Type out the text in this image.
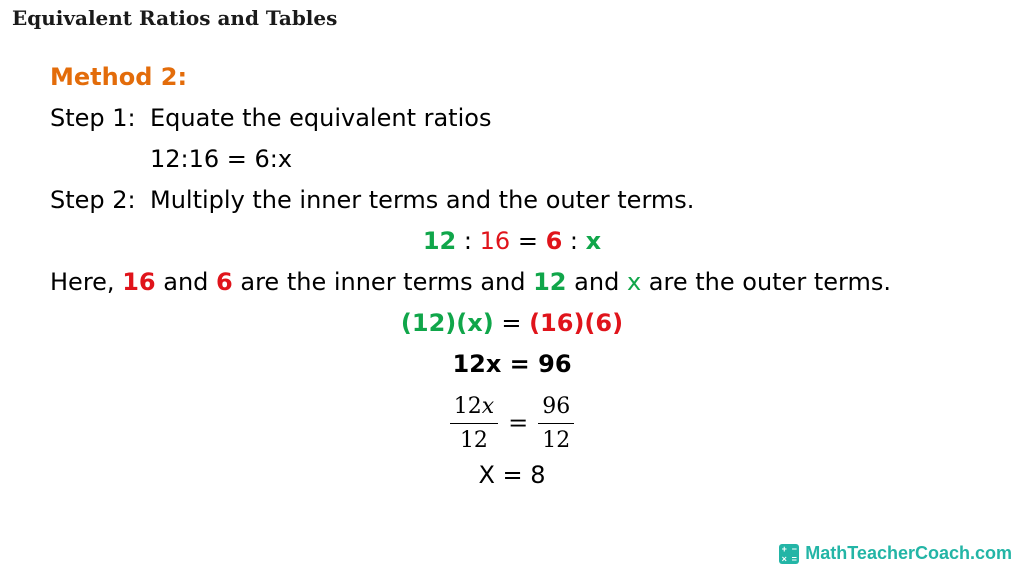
Equivalent Ratios and Tables
Method 2:
Step 1: Equate the equivalent ratios
12:16 = 6:x
Step 2: Multiply the inner terms and the outer terms.
12 : 16 = 6 : x
Here, 16 and 6 are the inner terms and 12 and x are the outer terms.
(12)(x) = (16)(6)
12x = 96
$\frac{\text{12𝑥}}{12} = \frac{96}{12}$
X = 8
+ −
× = MathTeacherCoach.com
